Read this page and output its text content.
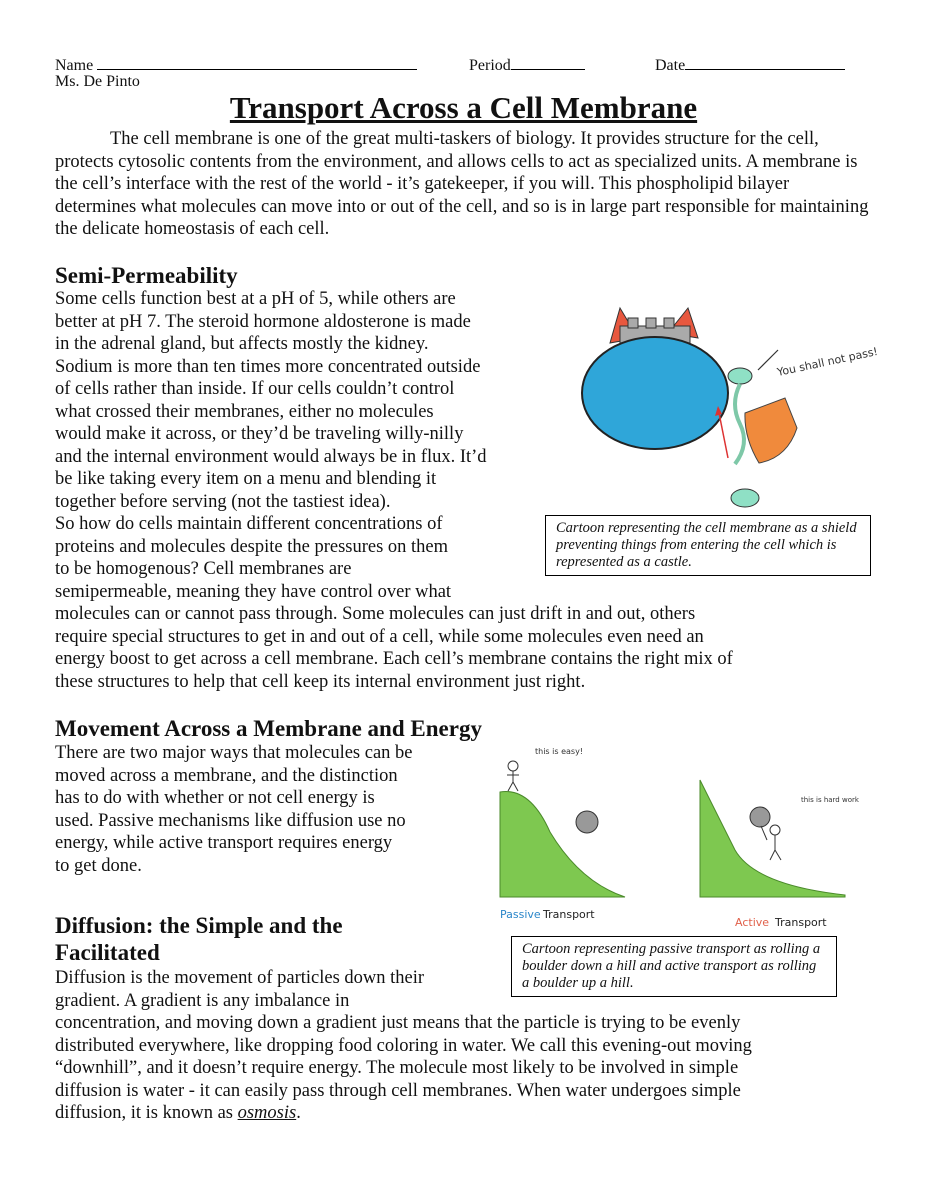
Name	Period	Date
Ms. De Pinto
Transport Across a Cell Membrane

The cell membrane is one of the great multi-taskers of biology. It provides structure for the cell, protects cytosolic contents from the environment, and allows cells to act as specialized units. A membrane is the cell’s interface with the rest of the world - it’s gatekeeper, if you will. This phospholipid bilayer determines what molecules can move into or out of the cell, and so is in large part responsible for maintaining the delicate homeostasis of each cell.

Semi-Permeability
Some cells function best at a pH of 5, while others are
better at pH 7. The steroid hormone aldosterone is made
in the adrenal gland, but affects mostly the kidney.
Sodium is more than ten times more concentrated outside
of cells rather than inside. If our cells couldn’t control
what crossed their membranes, either no molecules
would make it across, or they’d be traveling willy-nilly
and the internal environment would always be in flux. It’d
be like taking every item on a menu and blending it
together before serving (not the tastiest idea).
So how do cells maintain different concentrations of
proteins and molecules despite the pressures on them
to be homogenous? Cell membranes are
semipermeable, meaning they have control over what
molecules can or cannot pass through. Some molecules can just drift in and out, others
require special structures to get in and out of a cell, while some molecules even need an
energy boost to get across a cell membrane. Each cell’s membrane contains the right mix of
these structures to help that cell keep its internal environment just right.
You shall not pass!
Cartoon representing the cell membrane as a shield preventing things from entering the cell which is represented as a castle.
Movement Across a Membrane and Energy
There are two major ways that molecules can be
moved across a membrane, and the distinction
has to do with whether or not cell energy is
used. Passive mechanisms like diffusion use no
energy, while active transport requires energy
to get done.
this is easy!
this is hard work
Passive Transport
Active Transport
Cartoon representing passive transport as rolling a boulder down a hill and active transport as rolling a boulder up a hill.
Diffusion: the Simple and the
Facilitated
Diffusion is the movement of particles down their
gradient. A gradient is any imbalance in
concentration, and moving down a gradient just means that the particle is trying to be evenly
distributed everywhere, like dropping food coloring in water. We call this evening-out moving
“downhill”, and it doesn’t require energy. The molecule most likely to be involved in simple
diffusion is water - it can easily pass through cell membranes. When water undergoes simple
diffusion, it is known as osmosis.
